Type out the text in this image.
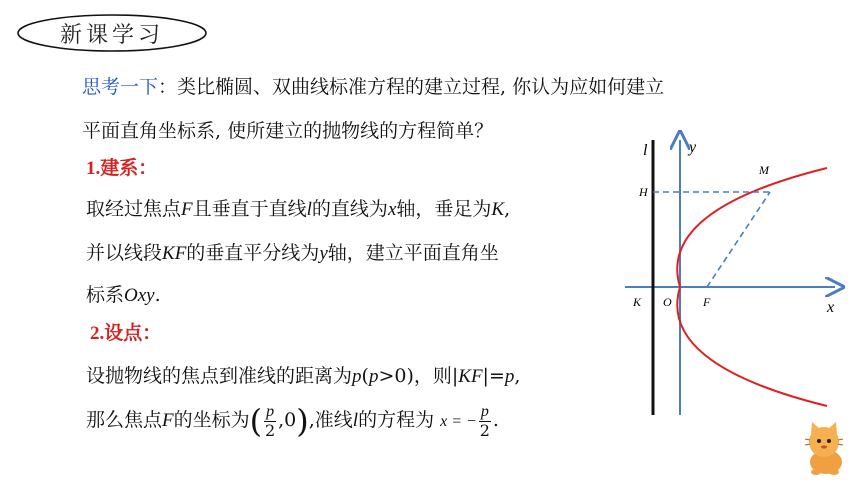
新课学习
思考一下：类比椭圆、双曲线标准方程的建立过程, 你认为应如何建立
平面直角坐标系, 使所建立的抛物线的方程简单？
1.建系：
取经过焦点F且垂直于直线l的直线为x轴，垂足为K,
并以线段KF的垂直平分线为y轴，建立平面直角坐
标系Oxy.
2.设点：
设抛物线的焦点到准线的距离为p(p>0)，则|KF|=p,
那么焦点F的坐标为( $\frac{p}{2} ,0$),准线l的方程为 x = − $\frac{p}{2}$ .
l	y
M
H
K O	F	x
